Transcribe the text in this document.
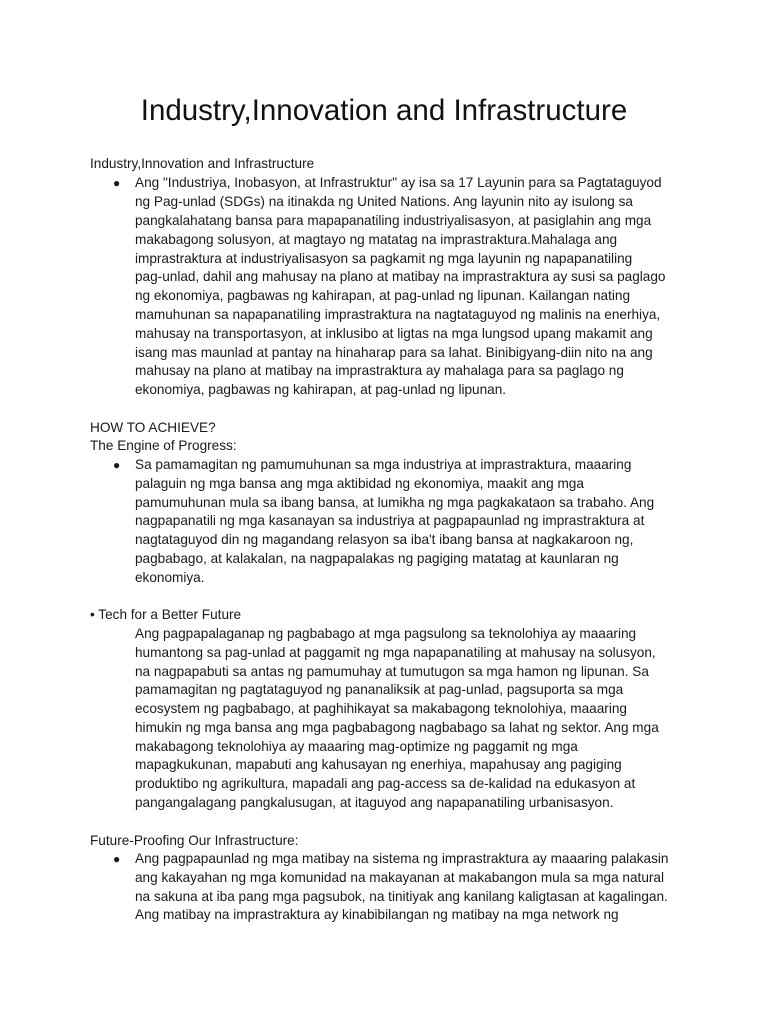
Industry,Innovation and Infrastructure
Industry,Innovation and Infrastructure
● Ang "Industriya, Inobasyon, at Infrastruktur" ay isa sa 17 Layunin para sa Pagtataguyod
ng Pag-unlad (SDGs) na itinakda ng United Nations. Ang layunin nito ay isulong sa
pangkalahatang bansa para mapapanatiling industriyalisasyon, at pasiglahin ang mga
makabagong solusyon, at magtayo ng matatag na imprastraktura.Mahalaga ang
imprastraktura at industriyalisasyon sa pagkamit ng mga layunin ng napapanatiling
pag-unlad, dahil ang mahusay na plano at matibay na imprastraktura ay susi sa paglago
ng ekonomiya, pagbawas ng kahirapan, at pag-unlad ng lipunan. Kailangan nating
mamuhunan sa napapanatiling imprastraktura na nagtataguyod ng malinis na enerhiya,
mahusay na transportasyon, at inklusibo at ligtas na mga lungsod upang makamit ang
isang mas maunlad at pantay na hinaharap para sa lahat. Binibigyang-diin nito na ang
mahusay na plano at matibay na imprastraktura ay mahalaga para sa paglago ng
ekonomiya, pagbawas ng kahirapan, at pag-unlad ng lipunan.
HOW TO ACHIEVE?
The Engine of Progress:
● Sa pamamagitan ng pamumuhunan sa mga industriya at imprastraktura, maaaring
palaguin ng mga bansa ang mga aktibidad ng ekonomiya, maakit ang mga
pamumuhunan mula sa ibang bansa, at lumikha ng mga pagkakataon sa trabaho. Ang
nagpapanatili ng mga kasanayan sa industriya at pagpapaunlad ng imprastraktura at
nagtataguyod din ng magandang relasyon sa iba't ibang bansa at nagkakaroon ng,
pagbabago, at kalakalan, na nagpapalakas ng pagiging matatag at kaunlaran ng
ekonomiya.
• Tech for a Better Future
Ang pagpapalaganap ng pagbabago at mga pagsulong sa teknolohiya ay maaaring
humantong sa pag-unlad at paggamit ng mga napapanatiling at mahusay na solusyon,
na nagpapabuti sa antas ng pamumuhay at tumutugon sa mga hamon ng lipunan. Sa
pamamagitan ng pagtataguyod ng pananaliksik at pag-unlad, pagsuporta sa mga
ecosystem ng pagbabago, at paghihikayat sa makabagong teknolohiya, maaaring
himukin ng mga bansa ang mga pagbabagong nagbabago sa lahat ng sektor. Ang mga
makabagong teknolohiya ay maaaring mag-optimize ng paggamit ng mga
mapagkukunan, mapabuti ang kahusayan ng enerhiya, mapahusay ang pagiging
produktibo ng agrikultura, mapadali ang pag-access sa de-kalidad na edukasyon at
pangangalagang pangkalusugan, at itaguyod ang napapanatiling urbanisasyon.
Future-Proofing Our Infrastructure:
● Ang pagpapaunlad ng mga matibay na sistema ng imprastraktura ay maaaring palakasin
ang kakayahan ng mga komunidad na makayanan at makabangon mula sa mga natural
na sakuna at iba pang mga pagsubok, na tinitiyak ang kanilang kaligtasan at kagalingan.
Ang matibay na imprastraktura ay kinabibilangan ng matibay na mga network ng
